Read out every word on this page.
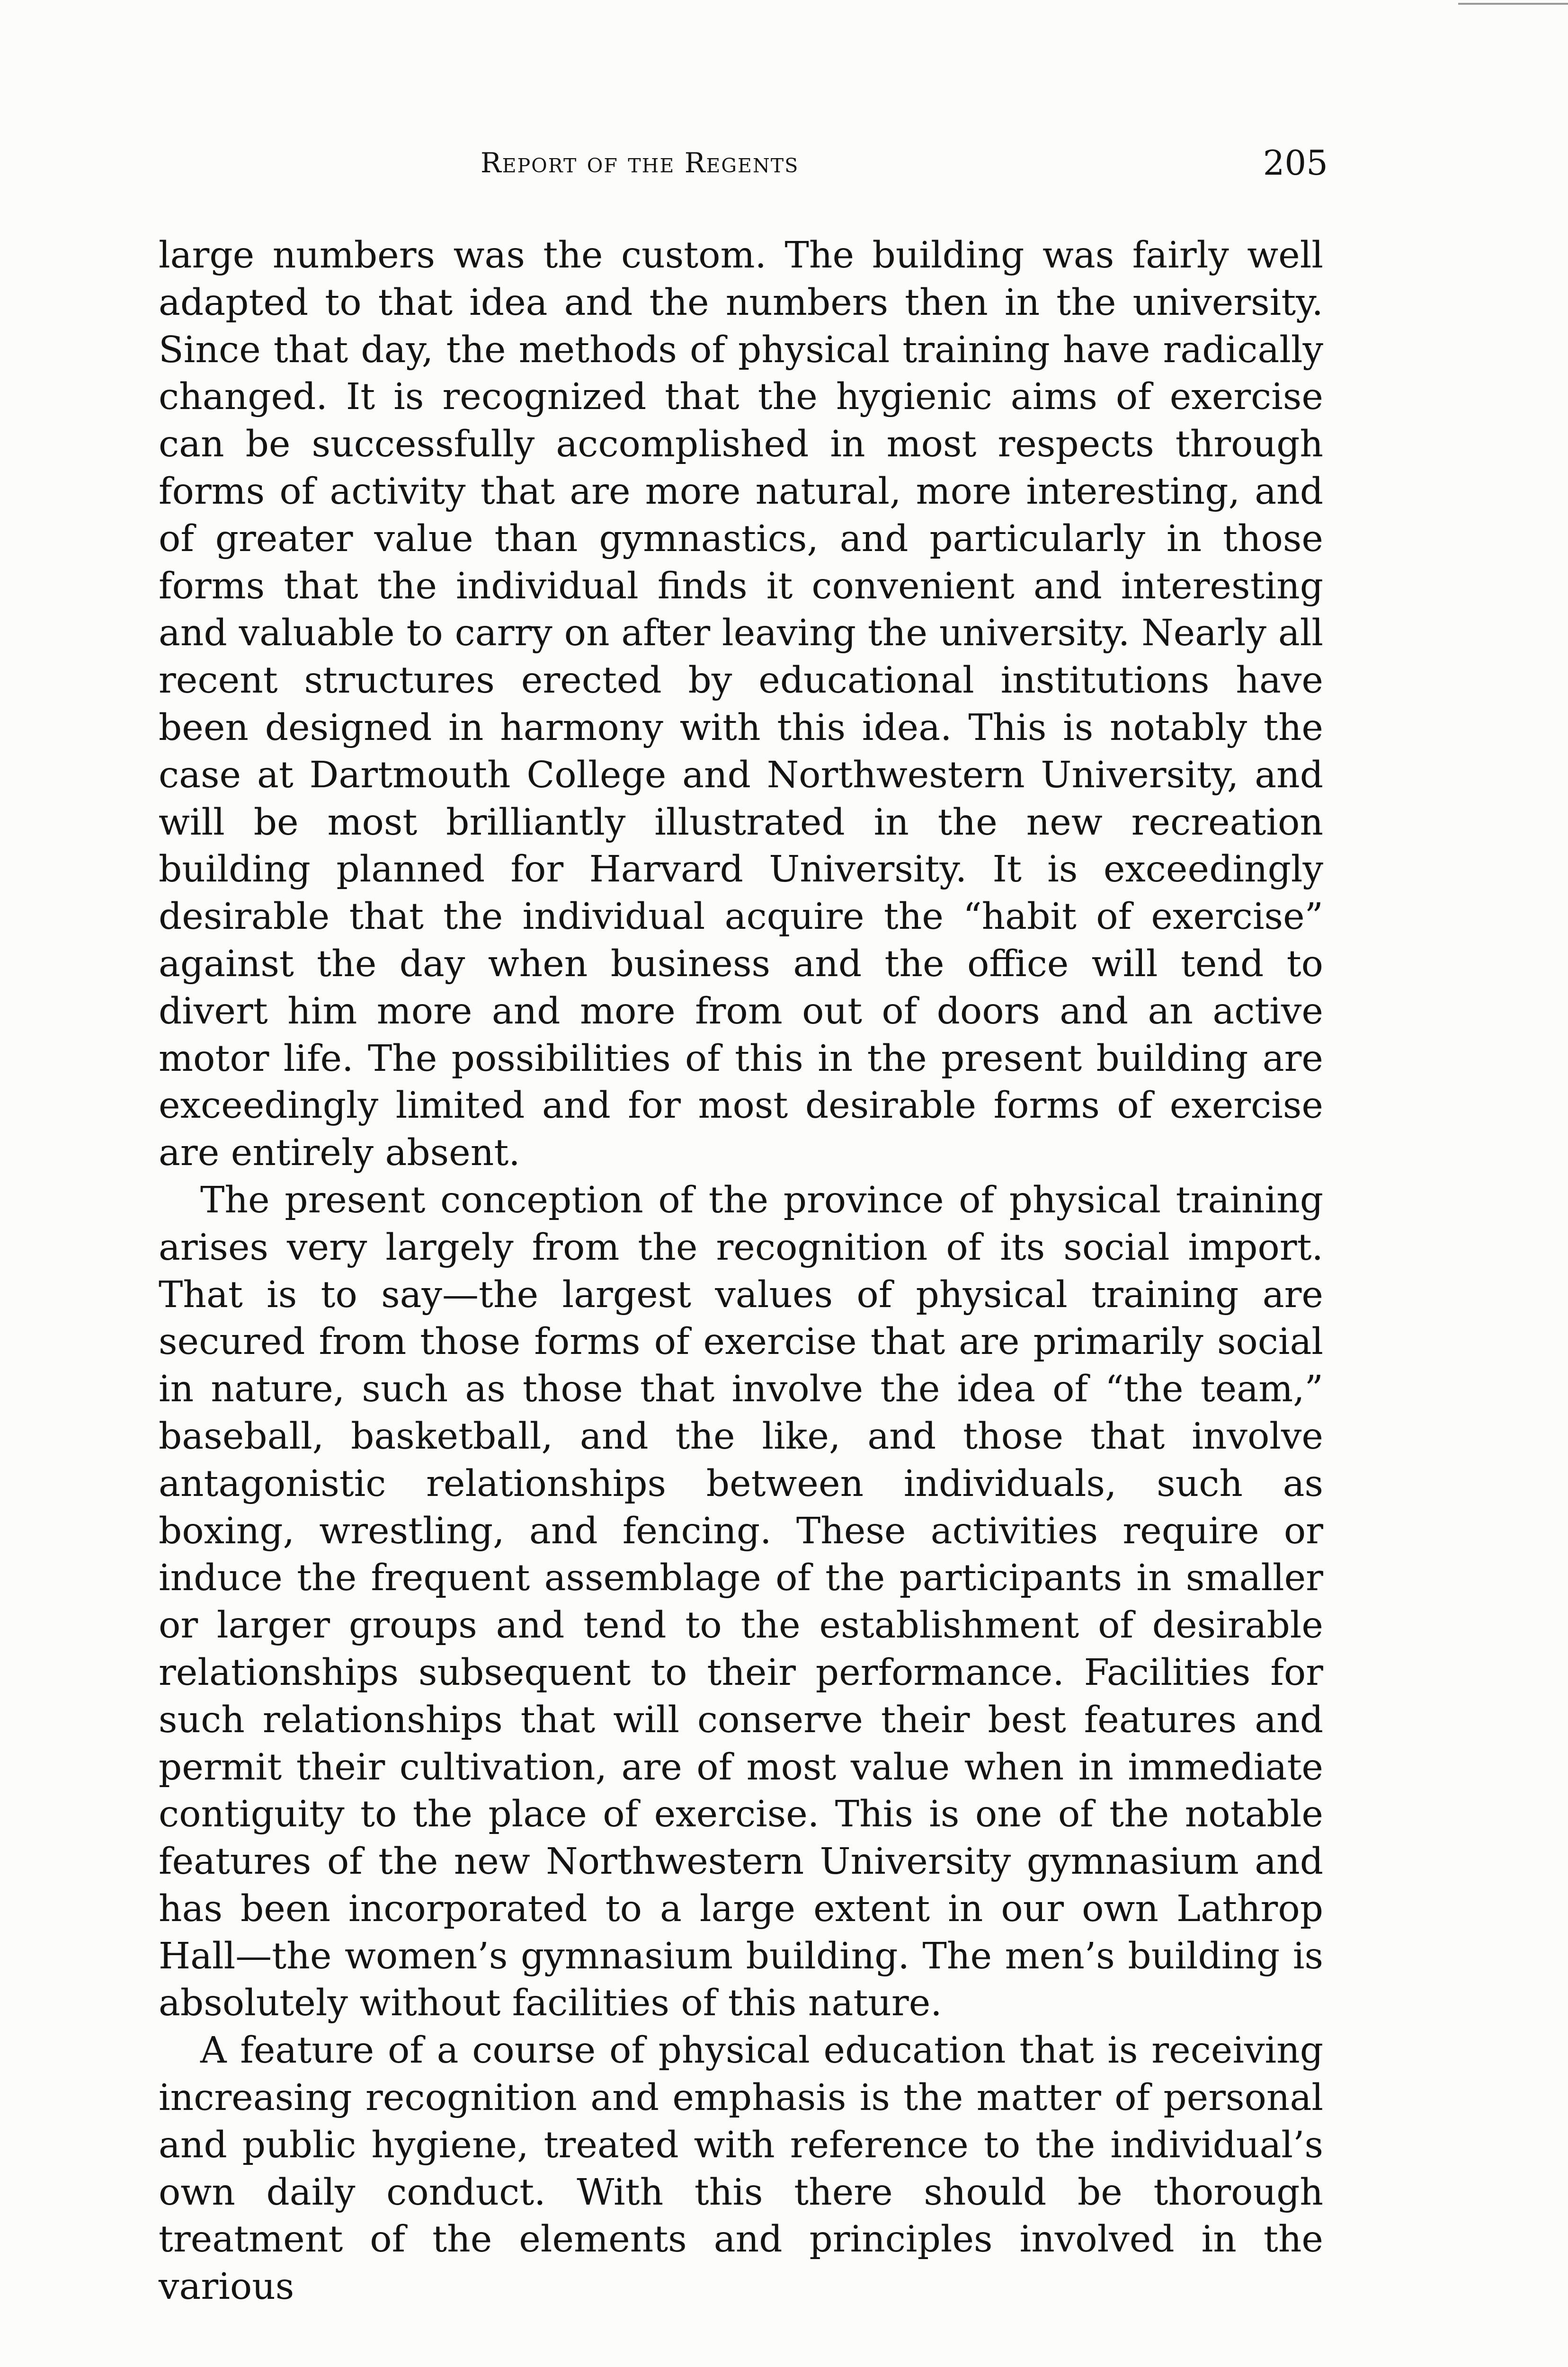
Report of the Regents	205

large numbers was the custom. The building was fairly well adapted to that idea and the numbers then in the university. Since that day, the methods of physical training have radically changed. It is recognized that the hygienic aims of exercise can be successfully accomplished in most respects through forms of activity that are more natural, more interesting, and of greater value than gymnastics, and particularly in those forms that the individual finds it convenient and interesting and valuable to carry on after leaving the university. Nearly all recent structures erected by educational institutions have been designed in harmony with this idea. This is notably the case at Dartmouth College and Northwestern University, and will be most brilliantly illustrated in the new recreation building planned for Harvard University. It is exceedingly desirable that the individual acquire the “habit of exercise” against the day when business and the office will tend to divert him more and more from out of doors and an active motor life. The possibilities of this in the present building are exceedingly limited and for most desirable forms of exercise are entirely absent.

The present conception of the province of physical training arises very largely from the recognition of its social import. That is to say—the largest values of physical training are secured from those forms of exercise that are primarily social in nature, such as those that involve the idea of “the team,” baseball, basketball, and the like, and those that involve antagonistic relationships between individuals, such as boxing, wrestling, and fencing. These activities require or induce the frequent assemblage of the participants in smaller or larger groups and tend to the establishment of desirable relationships subsequent to their performance. Facilities for such relationships that will conserve their best features and permit their cultivation, are of most value when in immediate contiguity to the place of exercise. This is one of the notable features of the new Northwestern University gymnasium and has been incorporated to a large extent in our own Lathrop Hall—the women’s gymnasium building. The men’s building is absolutely without facilities of this nature.

A feature of a course of physical education that is receiving increasing recognition and emphasis is the matter of personal and public hygiene, treated with reference to the individual’s own daily conduct. With this there should be thorough treatment of the elements and principles involved in the various
